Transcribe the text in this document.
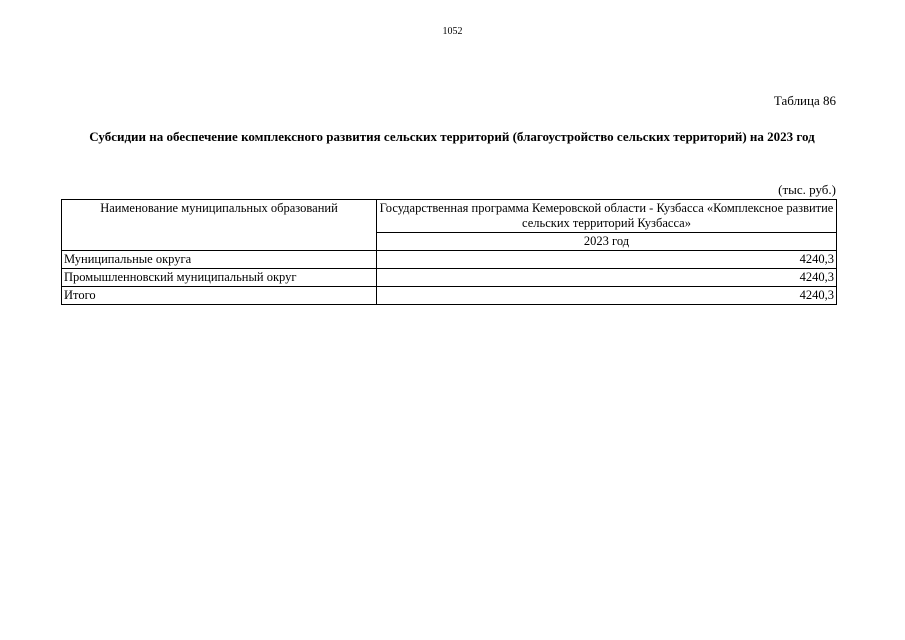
1052
Таблица 86
Субсидии на обеспечение комплексного развития сельских территорий (благоустройство сельских территорий) на 2023 год
(тыс. руб.)
Наименование муниципальных образований	Государственная программа Кемеровской области - Кузбасса «Комплексное развитие сельских территорий Кузбасса»
	2023 год
Муниципальные округа	4240,3
Промышленновский муниципальный округ	4240,3
Итого	4240,3
